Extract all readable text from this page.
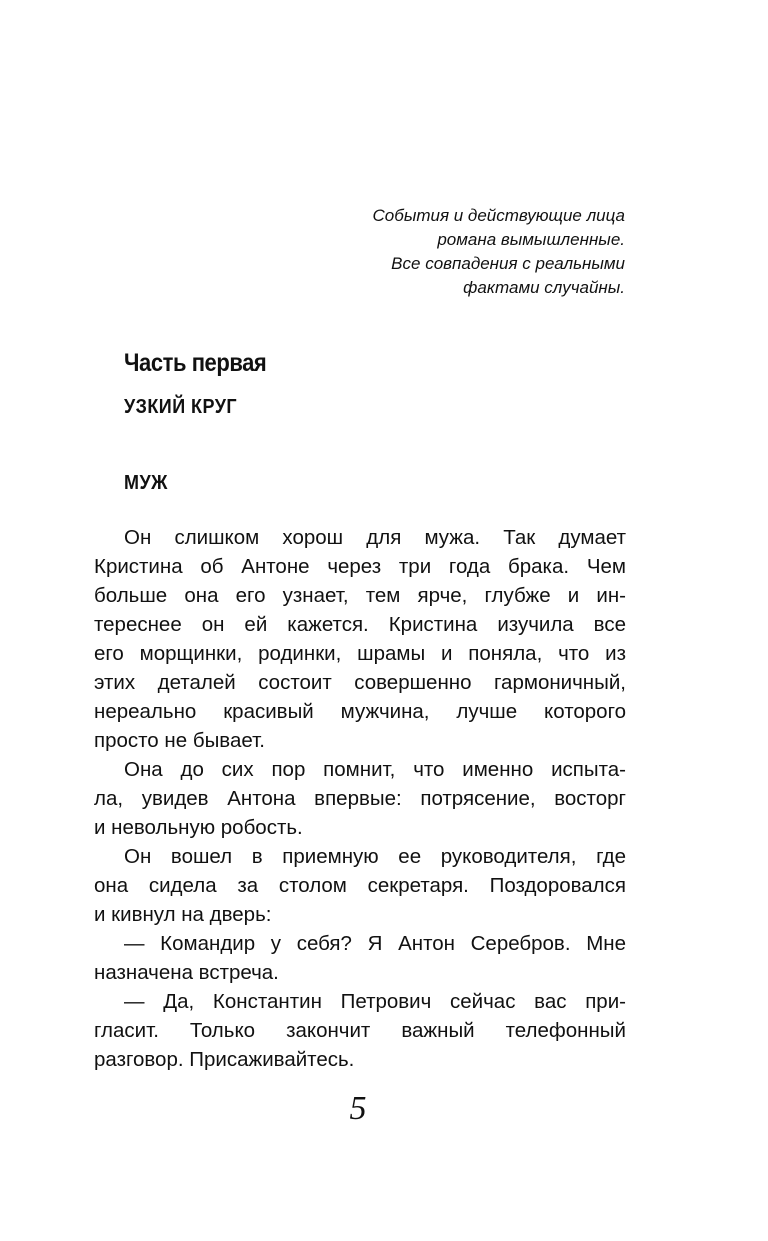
События и действующие лица
романа вымышленные.
Все совпадения с реальными
фактами случайны.
Часть первая
УЗКИЙ КРУГ
МУЖ
Он слишком хорош для мужа. Так думает
Кристина об Антоне через три года брака. Чем
больше она его узнает, тем ярче, глубже и ин-
тереснее он ей кажется. Кристина изучила все
его морщинки, родинки, шрамы и поняла, что из
этих деталей состоит совершенно гармоничный,
нереально красивый мужчина, лучше которого
просто не бывает.
Она до сих пор помнит, что именно испыта-
ла, увидев Антона впервые: потрясение, восторг
и невольную робость.
Он вошел в приемную ее руководителя, где
она сидела за столом секретаря. Поздоровался
и кивнул на дверь:
— Командир у себя? Я Антон Серебров. Мне
назначена встреча.
— Да, Константин Петрович сейчас вас при-
гласит. Только закончит важный телефонный
разговор. Присаживайтесь.
5
